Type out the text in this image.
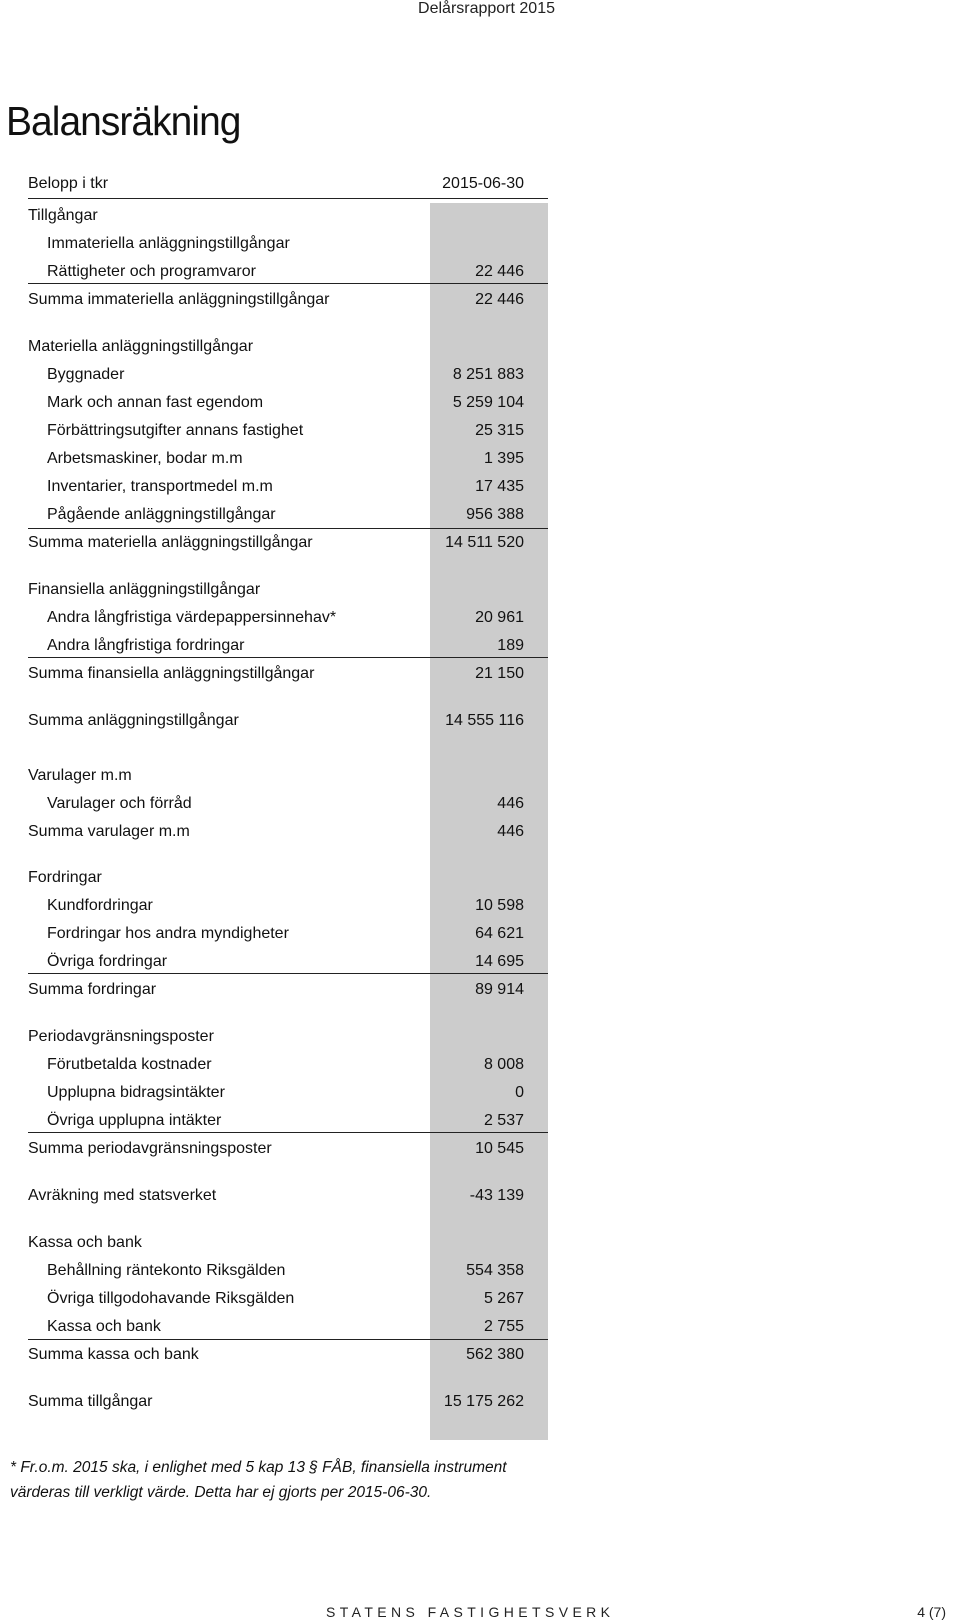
Delårsrapport 2015
Balansräkning
Belopp i tkr	2015-06-30
Tillgångar
Immateriella anläggningstillgångar
Rättigheter och programvaror	22 446
Summa immateriella anläggningstillgångar	22 446
Materiella anläggningstillgångar
Byggnader	8 251 883
Mark och annan fast egendom	5 259 104
Förbättringsutgifter annans fastighet	25 315
Arbetsmaskiner, bodar m.m	1 395
Inventarier, transportmedel m.m	17 435
Pågående anläggningstillgångar	956 388
Summa materiella anläggningstillgångar	14 511 520
Finansiella anläggningstillgångar
Andra långfristiga värdepappersinnehav*	20 961
Andra långfristiga fordringar	189
Summa finansiella anläggningstillgångar	21 150
Summa anläggningstillgångar	14 555 116
Varulager m.m
Varulager och förråd	446
Summa varulager m.m	446
Fordringar
Kundfordringar	10 598
Fordringar hos andra myndigheter	64 621
Övriga fordringar	14 695
Summa fordringar	89 914
Periodavgränsningsposter
Förutbetalda kostnader	8 008
Upplupna bidragsintäkter	0
Övriga upplupna intäkter	2 537
Summa periodavgränsningsposter	10 545
Avräkning med statsverket	-43 139
Kassa och bank
Behållning räntekonto Riksgälden	554 358
Övriga tillgodohavande Riksgälden	5 267
Kassa och bank	2 755
Summa kassa och bank	562 380
Summa tillgångar	15 175 262
* Fr.o.m. 2015 ska, i enlighet med 5 kap 13 § FÅB, finansiella instrument värderas till verkligt värde. Detta har ej gjorts per 2015-06-30.
STATENS FASTIGHETSVERK	4 (7)
